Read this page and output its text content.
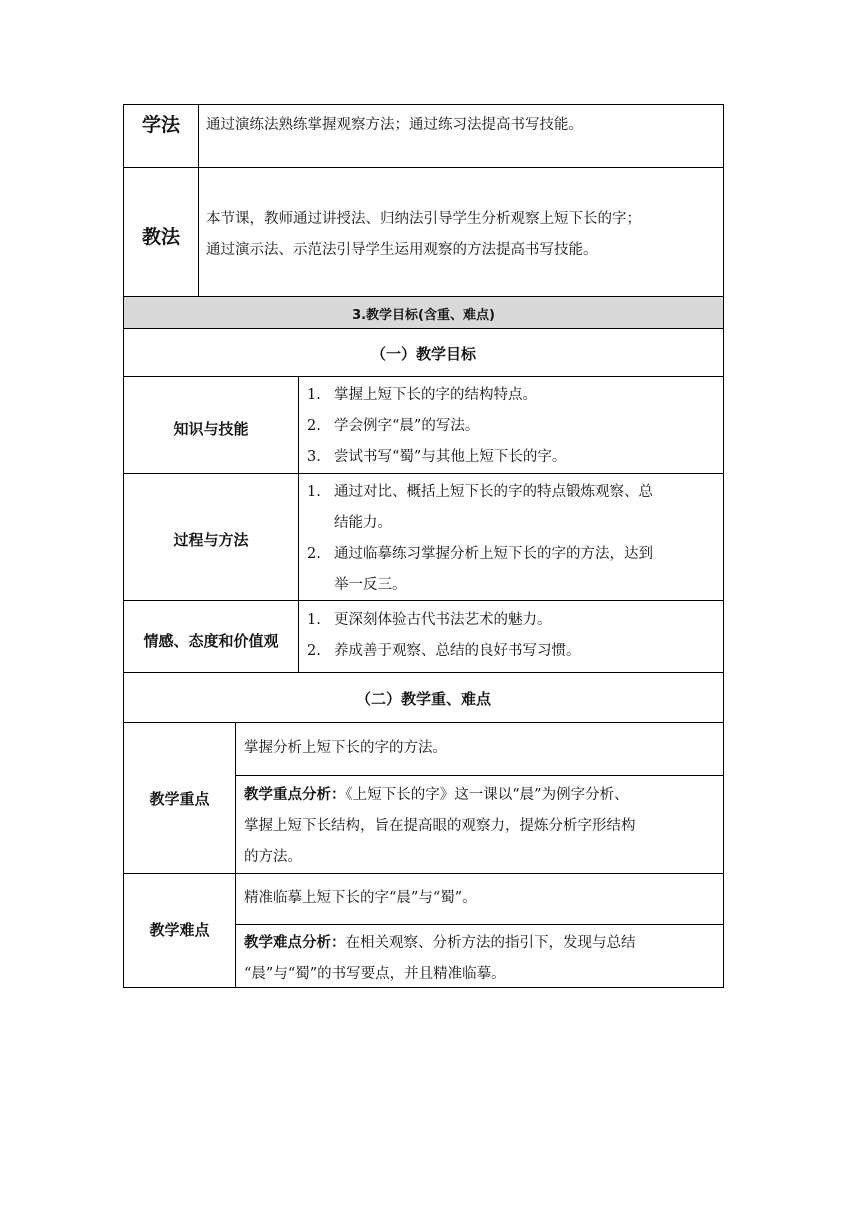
学法	通过演练法熟练掌握观察方法；通过练习法提高书写技能。
教法
本节课，教师通过讲授法、归纳法引导学生分析观察上短下长的字；
通过演示法、示范法引导学生运用观察的方法提高书写技能。
3.教学目标(含重、难点)
（一）教学目标
知识与技能
1. 掌握上短下长的字的结构特点。
2. 学会例字“晨”的写法。
3. 尝试书写“蜀”与其他上短下长的字。
过程与方法
1. 通过对比、概括上短下长的字的特点锻炼观察、总
结能力。
2. 通过临摹练习掌握分析上短下长的字的方法，达到
举一反三。
情感、态度和价值观
1. 更深刻体验古代书法艺术的魅力。
2. 养成善于观察、总结的良好书写习惯。
（二）教学重、难点
教学重点
掌握分析上短下长的字的方法。
教学重点分析：《上短下长的字》这一课以“晨”为例字分析、
掌握上短下长结构，旨在提高眼的观察力，提炼分析字形结构
的方法。
教学难点
精准临摹上短下长的字“晨”与“蜀”。
教学难点分析：在相关观察、分析方法的指引下，发现与总结
“晨”与“蜀”的书写要点，并且精准临摹。
